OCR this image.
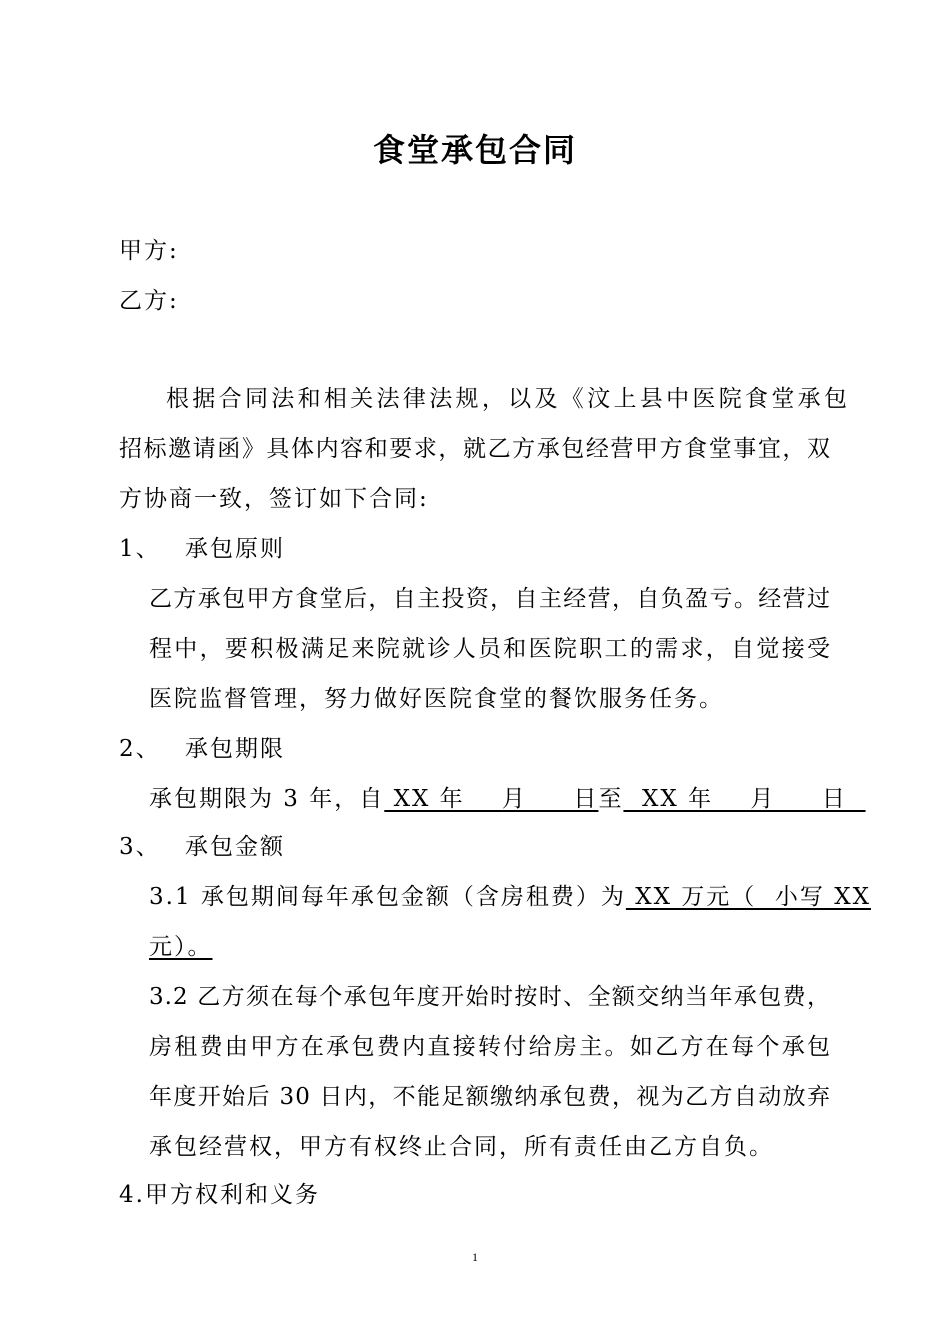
食堂承包合同
甲方:
乙方:
根据合同法和相关法律法规，以及《汶上县中医院食堂承包
招标邀请函》具体内容和要求，就乙方承包经营甲方食堂事宜，双
方协商一致，签订如下合同:
1、 承包原则
乙方承包甲方食堂后，自主投资，自主经营，自负盈亏。经营过
程中，要积极满足来院就诊人员和医院职工的需求，自觉接受
医院监督管理，努力做好医院食堂的餐饮服务任务。
2、 承包期限
承包期限为 3 年，自 XX 年    月     日至  XX 年    月     日
3、 承包金额
3.1 承包期间每年承包金额（含房租费）为 XX 万元（  小写 XX
元）。
3.2 乙方须在每个承包年度开始时按时、全额交纳当年承包费，
房租费由甲方在承包费内直接转付给房主。如乙方在每个承包
年度开始后 30 日内，不能足额缴纳承包费，视为乙方自动放弃
承包经营权，甲方有权终止合同，所有责任由乙方自负。
4.甲方权利和义务
1
